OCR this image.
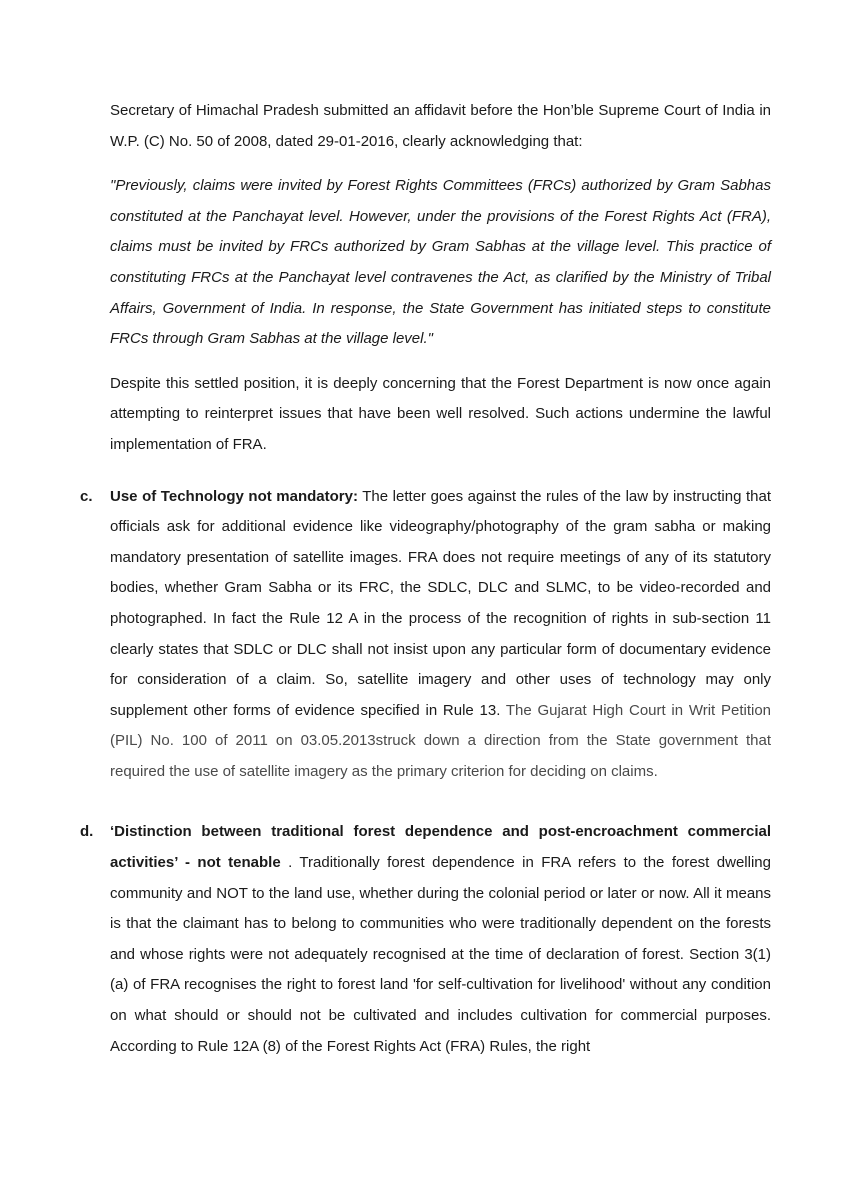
Secretary of Himachal Pradesh submitted an affidavit before the Hon’ble Supreme Court of India in W.P. (C) No. 50 of 2008, dated 29-01-2016, clearly acknowledging that:

"Previously, claims were invited by Forest Rights Committees (FRCs) authorized by Gram Sabhas constituted at the Panchayat level. However, under the provisions of the Forest Rights Act (FRA), claims must be invited by FRCs authorized by Gram Sabhas at the village level. This practice of constituting FRCs at the Panchayat level contravenes the Act, as clarified by the Ministry of Tribal Affairs, Government of India. In response, the State Government has initiated steps to constitute FRCs through Gram Sabhas at the village level."

Despite this settled position, it is deeply concerning that the Forest Department is now once again attempting to reinterpret issues that have been well resolved. Such actions undermine the lawful implementation of FRA.

c. Use of Technology not mandatory: The letter goes against the rules of the law by instructing that officials ask for additional evidence like videography/photography of the gram sabha or making mandatory presentation of satellite images. FRA does not require meetings of any of its statutory bodies, whether Gram Sabha or its FRC, the SDLC, DLC and SLMC, to be video-recorded and photographed. In fact the Rule 12 A in the process of the recognition of rights in sub-section 11 clearly states that SDLC or DLC shall not insist upon any particular form of documentary evidence for consideration of a claim. So, satellite imagery and other uses of technology may only supplement other forms of evidence specified in Rule 13. The Gujarat High Court in Writ Petition (PIL) No. 100 of 2011 on 03.05.2013struck down a direction from the State government that required the use of satellite imagery as the primary criterion for deciding on claims.

d. ‘Distinction between traditional forest dependence and post-encroachment commercial activities’ - not tenable . Traditionally forest dependence in FRA refers to the forest dwelling community and NOT to the land use, whether during the colonial period or later or now. All it means is that the claimant has to belong to communities who were traditionally dependent on the forests and whose rights were not adequately recognised at the time of declaration of forest. Section 3(1)(a) of FRA recognises the right to forest land 'for self-cultivation for livelihood' without any condition on what should or should not be cultivated and includes cultivation for commercial purposes. According to Rule 12A (8) of the Forest Rights Act (FRA) Rules, the right
